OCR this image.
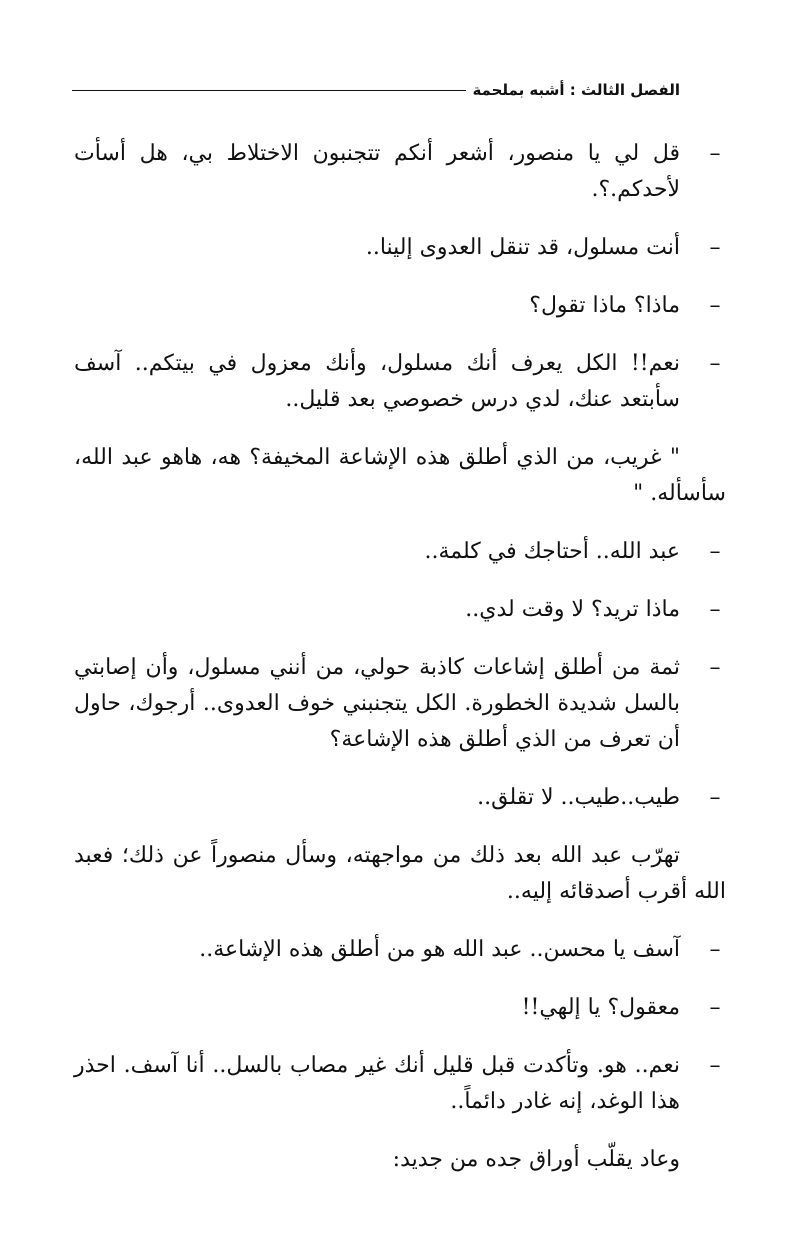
الفصل الثالث : أشبه بملحمة

–
قل لي يا منصور، أشعر أنكم تتجنبون الاختلاط بي، هل أسأت لأحدكم.؟.

–
أنت مسلول، قد تنقل العدوى إلينا..

–
ماذا؟ ماذا تقول؟

–
نعم!! الكل يعرف أنك مسلول، وأنك معزول في بيتكم.. آسف سأبتعد عنك، لدي درس خصوصي بعد قليل..

" غريب، من الذي أطلق هذه الإشاعة المخيفة؟ هه، هاهو عبد الله، سأسأله. "

–
عبد الله.. أحتاجك في كلمة..

–
ماذا تريد؟ لا وقت لدي..

–
ثمة من أطلق إشاعات كاذبة حولي، من أنني مسلول، وأن إصابتي بالسل شديدة الخطورة. الكل يتجنبني خوف العدوى.. أرجوك، حاول أن تعرف من الذي أطلق هذه الإشاعة؟

–
طيب..طيب.. لا تقلق..

تهرّب عبد الله بعد ذلك من مواجهته، وسأل منصوراً عن ذلك؛ فعبد الله أقرب أصدقائه إليه..

–
آسف يا محسن.. عبد الله هو من أطلق هذه الإشاعة..

–
معقول؟ يا إلهي!!

–
نعم.. هو. وتأكدت قبل قليل أنك غير مصاب بالسل.. أنا آسف. احذر هذا الوغد، إنه غادر دائماً..

وعاد يقلّب أوراق جده من جديد:
